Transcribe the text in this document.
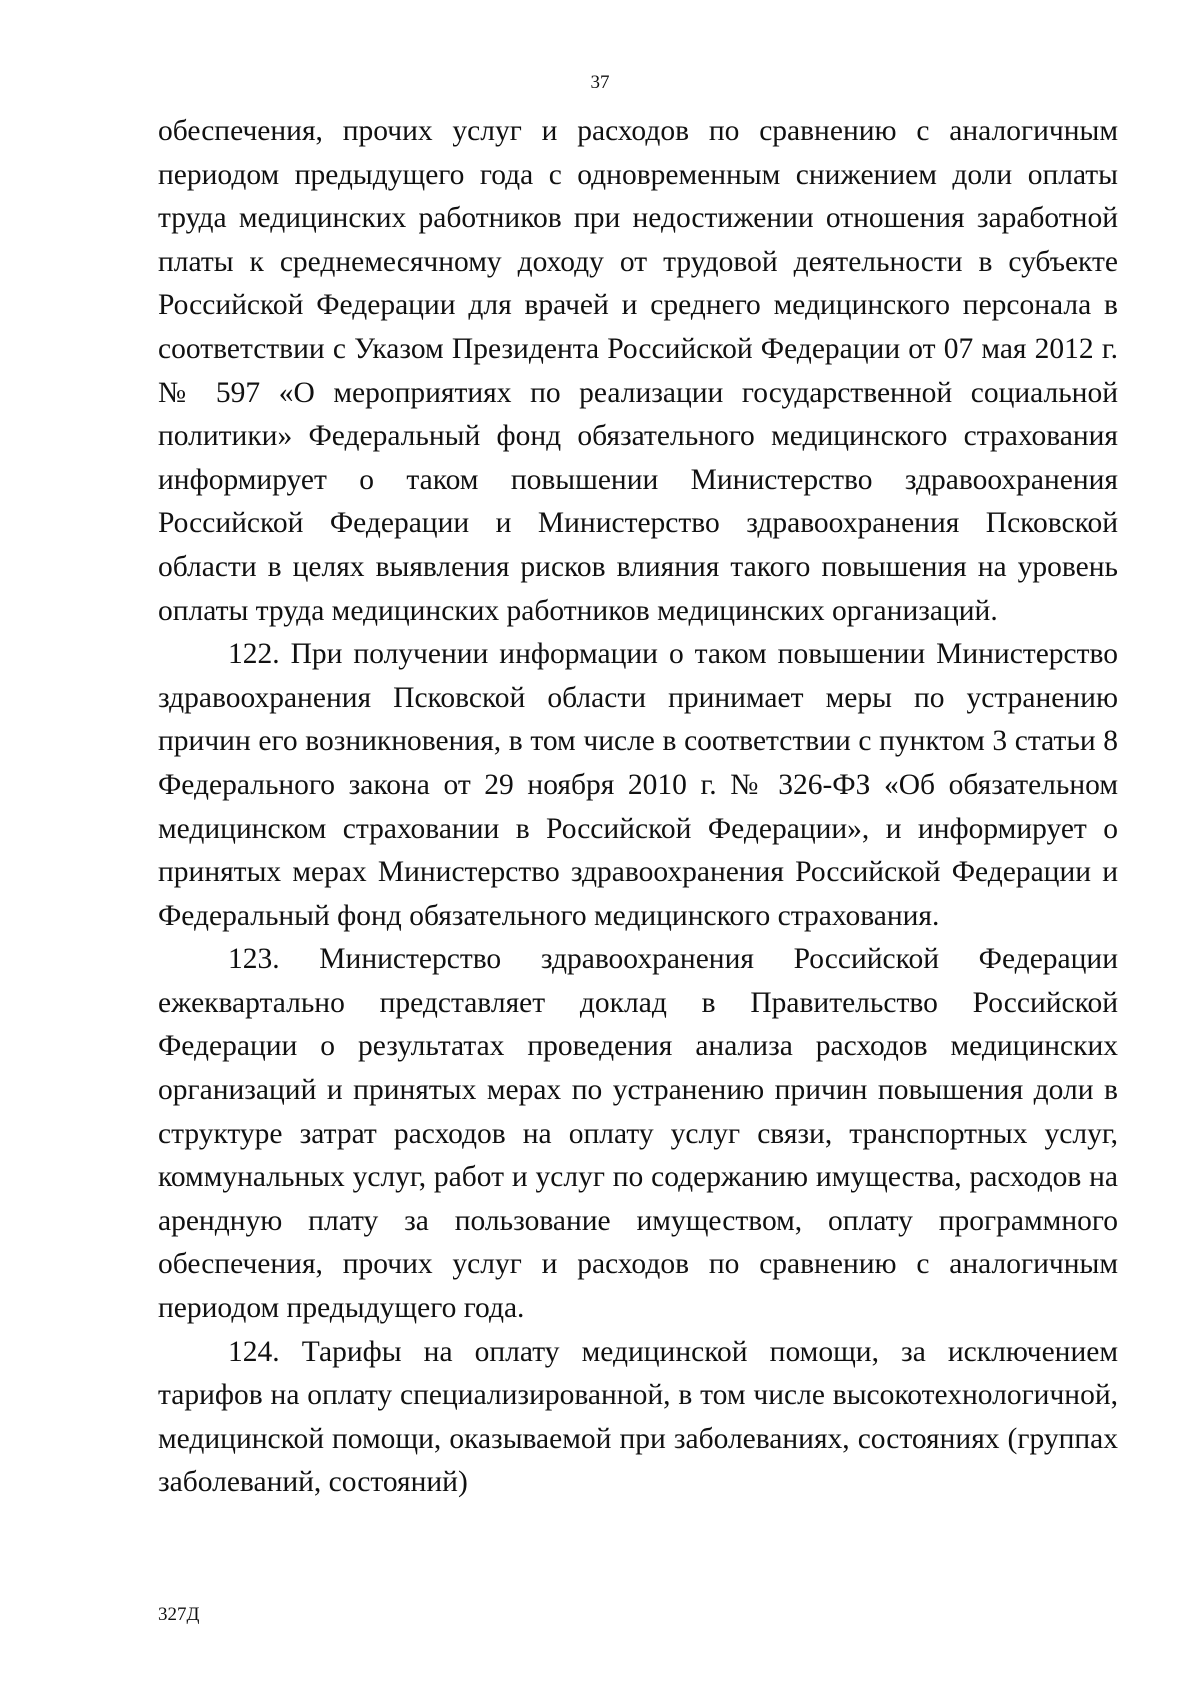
37

обеспечения, прочих услуг и расходов по сравнению с аналогичным периодом предыдущего года с одновременным снижением доли оплаты труда медицинских работников при недостижении отношения заработной платы к среднемесячному доходу от трудовой деятельности в субъекте Российской Федерации для врачей и среднего медицинского персонала в соответствии с Указом Президента Российской Федерации от 07 мая 2012 г. № 597 «О мероприятиях по реализации государственной социальной политики» Федеральный фонд обязательного медицинского страхования информирует о таком повышении Министерство здравоохранения Российской Федерации и Министерство здравоохранения Псковской области в целях выявления рисков влияния такого повышения на уровень оплаты труда медицинских работников медицинских организаций.

122. При получении информации о таком повышении Министерство здравоохранения Псковской области принимает меры по устранению причин его возникновения, в том числе в соответствии с пунктом 3 статьи 8 Федерального закона от 29 ноября 2010 г. № 326-ФЗ «Об обязательном медицинском страховании в Российской Федерации», и информирует о принятых мерах Министерство здравоохранения Российской Федерации и Федеральный фонд обязательного медицинского страхования.

123. Министерство здравоохранения Российской Федерации ежеквартально представляет доклад в Правительство Российской Федерации о результатах проведения анализа расходов медицинских организаций и принятых мерах по устранению причин повышения доли в структуре затрат расходов на оплату услуг связи, транспортных услуг, коммунальных услуг, работ и услуг по содержанию имущества, расходов на арендную плату за пользование имуществом, оплату программного обеспечения, прочих услуг и расходов по сравнению с аналогичным периодом предыдущего года.

124. Тарифы на оплату медицинской помощи, за исключением тарифов на оплату специализированной, в том числе высокотехнологичной, медицинской помощи, оказываемой при заболеваниях, состояниях (группах заболеваний, состояний)

327Д
